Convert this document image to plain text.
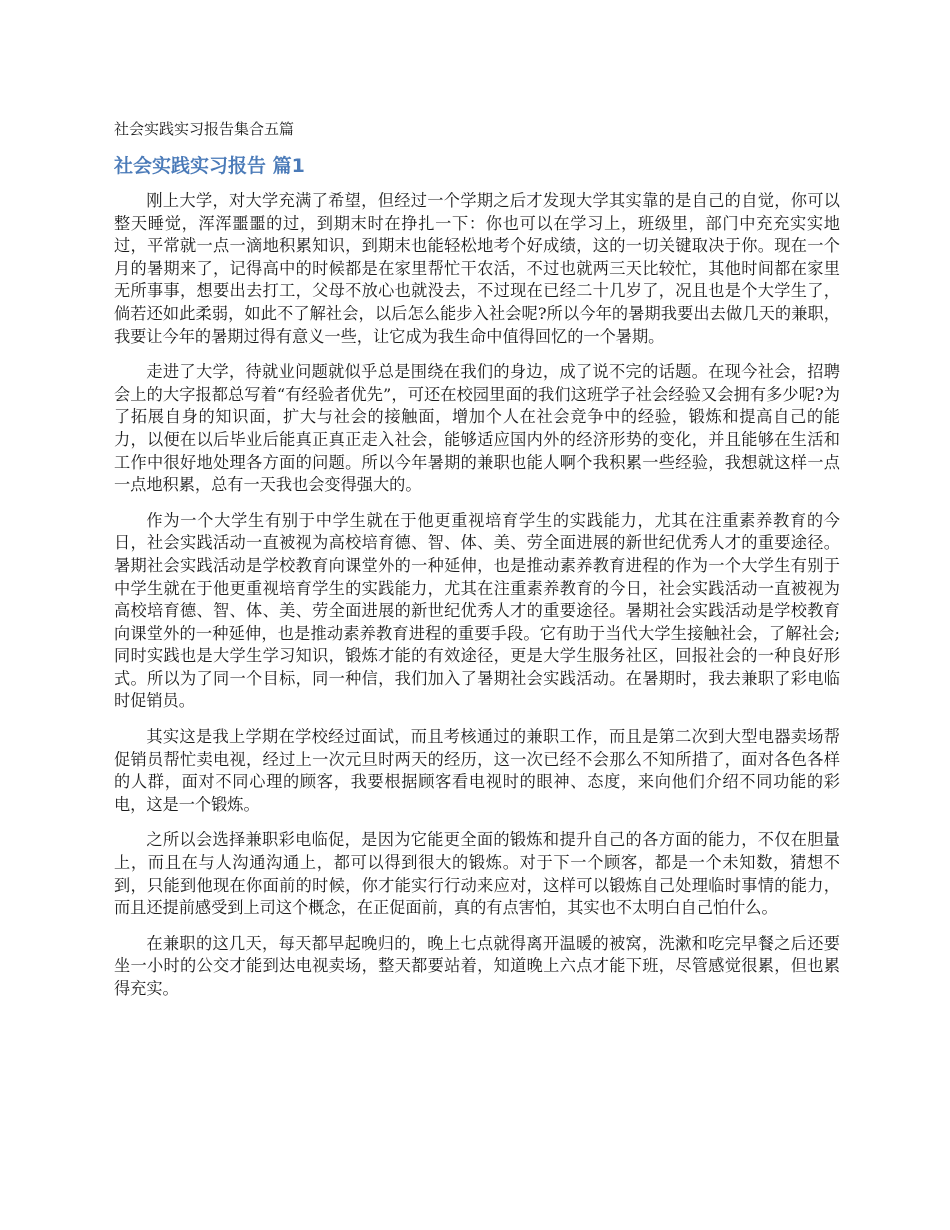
社会实践实习报告集合五篇
社会实践实习报告 篇1

刚上大学，对大学充满了希望，但经过一个学期之后才发现大学其实靠的是自己的自觉，你可以整天睡觉，浑浑噩噩的过，到期末时在挣扎一下：你也可以在学习上，班级里，部门中充充实实地过，平常就一点一滴地积累知识，到期末也能轻松地考个好成绩，这的一切关键取决于你。现在一个月的暑期来了，记得高中的时候都是在家里帮忙干农活，不过也就两三天比较忙，其他时间都在家里无所事事，想要出去打工，父母不放心也就没去，不过现在已经二十几岁了，况且也是个大学生了，倘若还如此柔弱，如此不了解社会，以后怎么能步入社会呢?所以今年的暑期我要出去做几天的兼职，我要让今年的暑期过得有意义一些，让它成为我生命中值得回忆的一个暑期。

走进了大学，待就业问题就似乎总是围绕在我们的身边，成了说不完的话题。在现今社会，招聘会上的大字报都总写着“有经验者优先”，可还在校园里面的我们这班学子社会经验又会拥有多少呢?为了拓展自身的知识面，扩大与社会的接触面，增加个人在社会竞争中的经验，锻炼和提高自己的能力，以便在以后毕业后能真正真正走入社会，能够适应国内外的经济形势的变化，并且能够在生活和工作中很好地处理各方面的问题。所以今年暑期的兼职也能人啊个我积累一些经验，我想就这样一点一点地积累，总有一天我也会变得强大的。

作为一个大学生有别于中学生就在于他更重视培育学生的实践能力，尤其在注重素养教育的今日，社会实践活动一直被视为高校培育德、智、体、美、劳全面进展的新世纪优秀人才的重要途径。暑期社会实践活动是学校教育向课堂外的一种延伸，也是推动素养教育进程的作为一个大学生有别于中学生就在于他更重视培育学生的实践能力，尤其在注重素养教育的今日，社会实践活动一直被视为高校培育德、智、体、美、劳全面进展的新世纪优秀人才的重要途径。暑期社会实践活动是学校教育向课堂外的一种延伸，也是推动素养教育进程的重要手段。它有助于当代大学生接触社会，了解社会;同时实践也是大学生学习知识，锻炼才能的有效途径，更是大学生服务社区，回报社会的一种良好形式。所以为了同一个目标，同一种信，我们加入了暑期社会实践活动。在暑期时，我去兼职了彩电临时促销员。

其实这是我上学期在学校经过面试，而且考核通过的兼职工作，而且是第二次到大型电器卖场帮促销员帮忙卖电视，经过上一次元旦时两天的经历，这一次已经不会那么不知所措了，面对各色各样的人群，面对不同心理的顾客，我要根据顾客看电视时的眼神、态度，来向他们介绍不同功能的彩电，这是一个锻炼。

之所以会选择兼职彩电临促，是因为它能更全面的锻炼和提升自己的各方面的能力，不仅在胆量上，而且在与人沟通沟通上，都可以得到很大的锻炼。对于下一个顾客，都是一个未知数，猜想不到，只能到他现在你面前的时候，你才能实行行动来应对，这样可以锻炼自己处理临时事情的能力，而且还提前感受到上司这个概念，在正促面前，真的有点害怕，其实也不太明白自己怕什么。

在兼职的这几天，每天都早起晚归的，晚上七点就得离开温暖的被窝，洗漱和吃完早餐之后还要坐一小时的公交才能到达电视卖场，整天都要站着，知道晚上六点才能下班，尽管感觉很累，但也累得充实。
